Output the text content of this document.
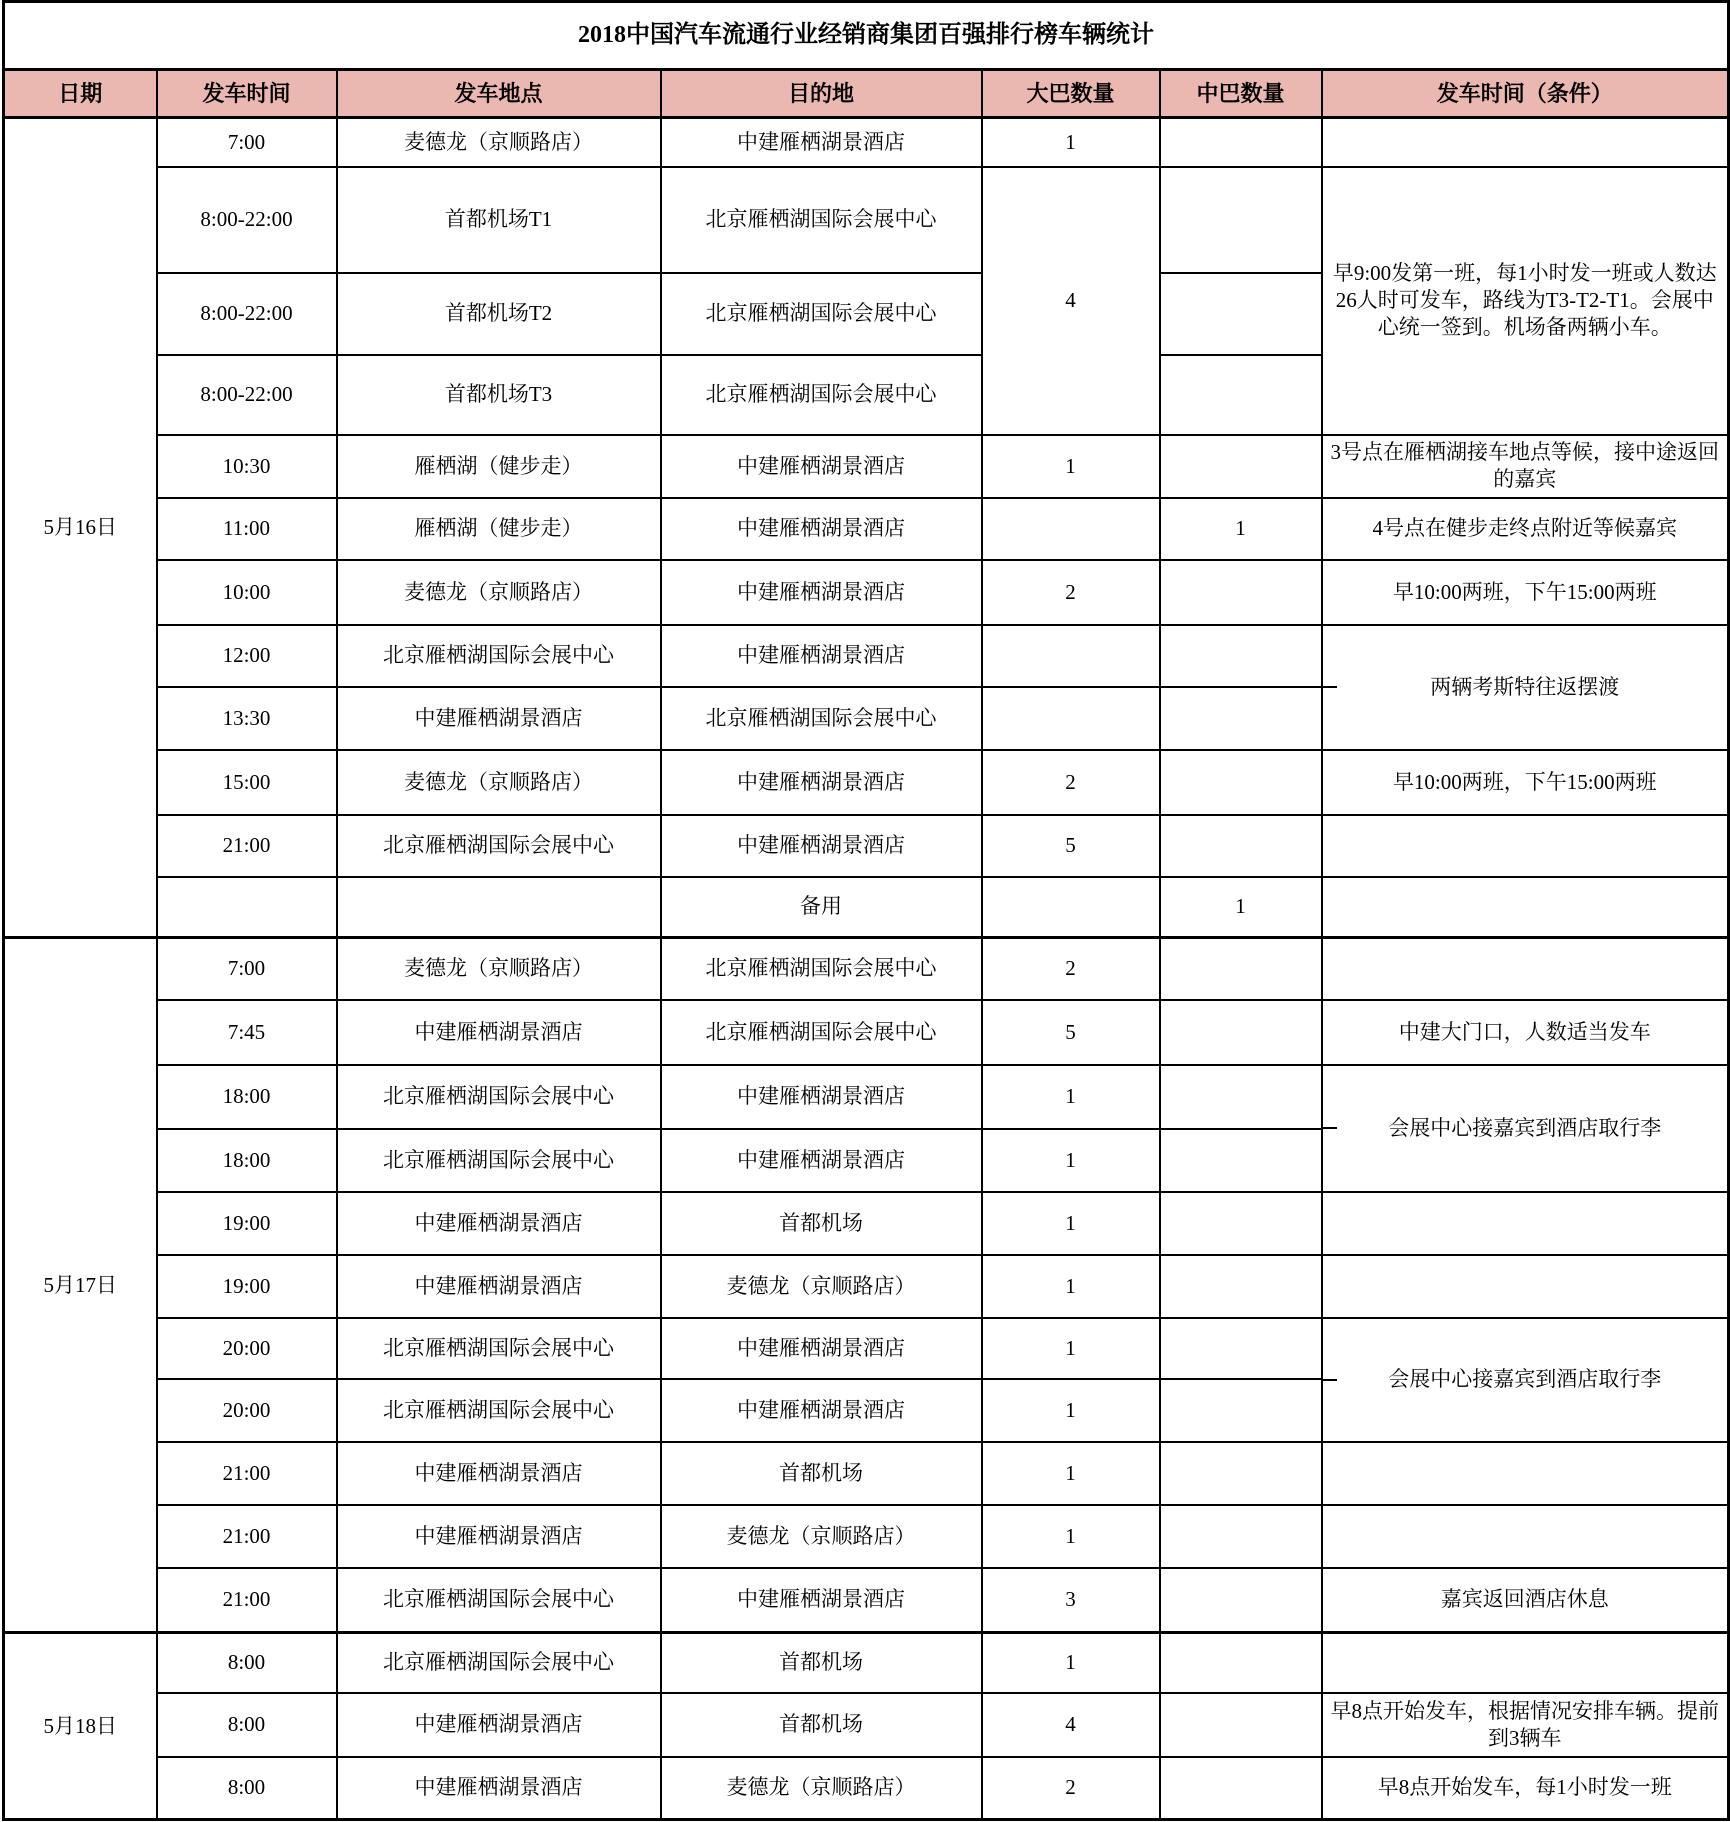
2018中国汽车流通行业经销商集团百强排行榜车辆统计						
日期	发车时间	发车地点	目的地	大巴数量	中巴数量	发车时间（条件）
5月16日	7:00	麦德龙（京顺路店）	中建雁栖湖景酒店	1		
	8:00-22:00	首都机场T1	北京雁栖湖国际会展中心	4		早9:00发第一班，每1小时发一班或人数达26人时可发车，路线为T3-T2-T1。会展中心统一签到。机场备两辆小车。
	8:00-22:00	首都机场T2	北京雁栖湖国际会展中心			
	8:00-22:00	首都机场T3	北京雁栖湖国际会展中心			
	10:30	雁栖湖（健步走）	中建雁栖湖景酒店	1		3号点在雁栖湖接车地点等候，接中途返回的嘉宾
	11:00	雁栖湖（健步走）	中建雁栖湖景酒店		1	4号点在健步走终点附近等候嘉宾
	10:00	麦德龙（京顺路店）	中建雁栖湖景酒店	2		早10:00两班，下午15:00两班
	12:00	北京雁栖湖国际会展中心	中建雁栖湖景酒店			两辆考斯特往返摆渡
	13:30	中建雁栖湖景酒店	北京雁栖湖国际会展中心			
	15:00	麦德龙（京顺路店）	中建雁栖湖景酒店	2		早10:00两班，下午15:00两班
	21:00	北京雁栖湖国际会展中心	中建雁栖湖景酒店	5		
			备用		1	
5月17日	7:00	麦德龙（京顺路店）	北京雁栖湖国际会展中心	2		
	7:45	中建雁栖湖景酒店	北京雁栖湖国际会展中心	5		中建大门口，人数适当发车
	18:00	北京雁栖湖国际会展中心	中建雁栖湖景酒店	1		会展中心接嘉宾到酒店取行李
	18:00	北京雁栖湖国际会展中心	中建雁栖湖景酒店	1		
	19:00	中建雁栖湖景酒店	首都机场	1		
	19:00	中建雁栖湖景酒店	麦德龙（京顺路店）	1		
	20:00	北京雁栖湖国际会展中心	中建雁栖湖景酒店	1		会展中心接嘉宾到酒店取行李
	20:00	北京雁栖湖国际会展中心	中建雁栖湖景酒店	1		
	21:00	中建雁栖湖景酒店	首都机场	1		
	21:00	中建雁栖湖景酒店	麦德龙（京顺路店）	1		
	21:00	北京雁栖湖国际会展中心	中建雁栖湖景酒店	3		嘉宾返回酒店休息
5月18日	8:00	北京雁栖湖国际会展中心	首都机场	1		
	8:00	中建雁栖湖景酒店	首都机场	4		早8点开始发车，根据情况安排车辆。提前到3辆车
	8:00	中建雁栖湖景酒店	麦德龙（京顺路店）	2		早8点开始发车，每1小时发一班
